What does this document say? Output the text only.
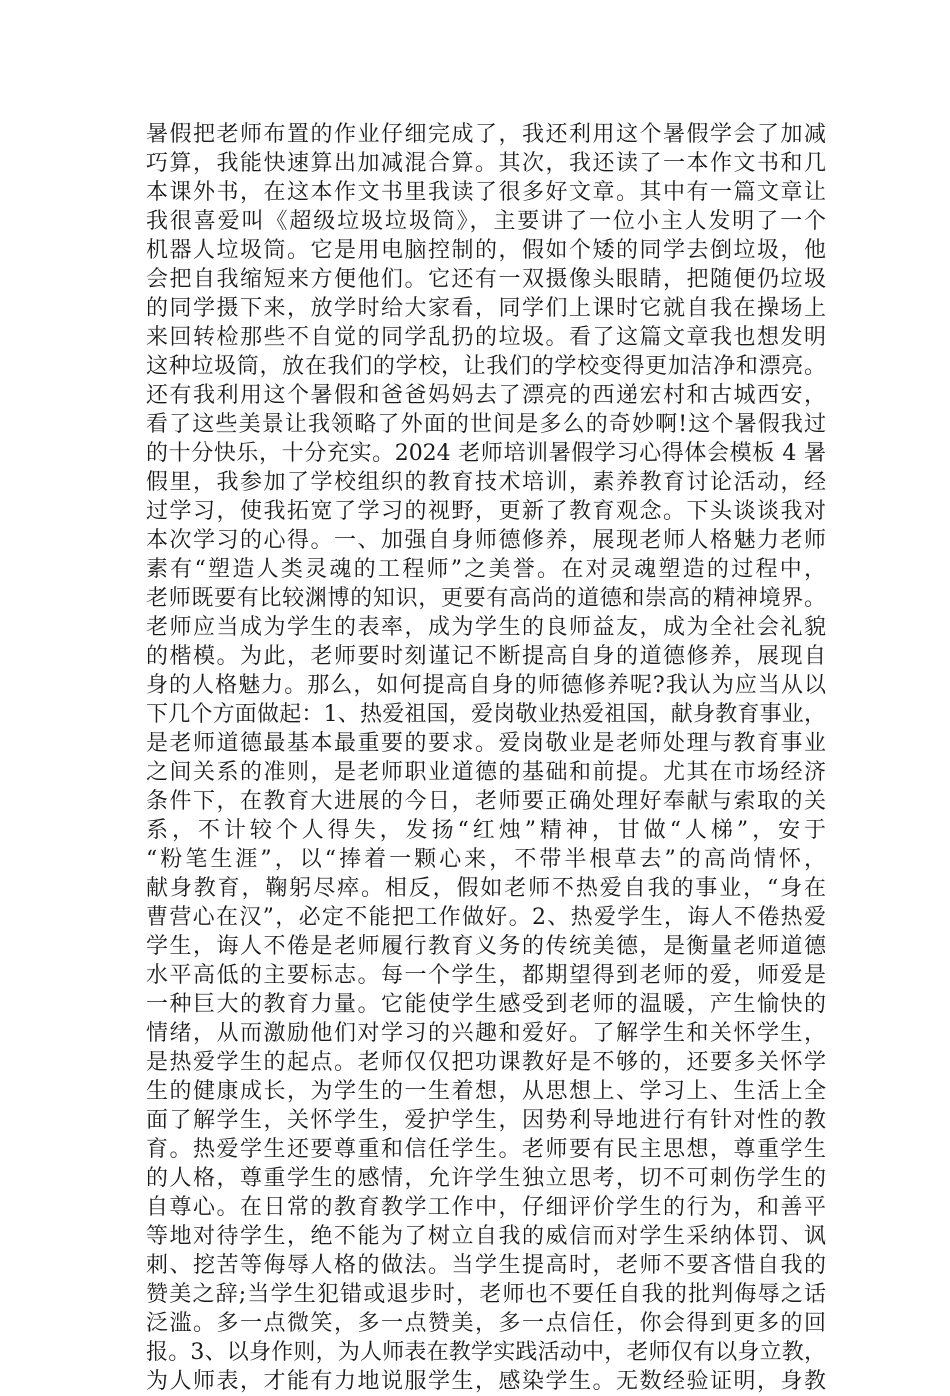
暑假把老师布置的作业仔细完成了，我还利用这个暑假学会了加减
巧算，我能快速算出加减混合算。其次，我还读了一本作文书和几
本课外书，在这本作文书里我读了很多好文章。其中有一篇文章让
我很喜爱叫《超级垃圾垃圾筒》，主要讲了一位小主人发明了一个
机器人垃圾筒。它是用电脑控制的，假如个矮的同学去倒垃圾，他
会把自我缩短来方便他们。它还有一双摄像头眼睛，把随便仍垃圾
的同学摄下来，放学时给大家看，同学们上课时它就自我在操场上
来回转检那些不自觉的同学乱扔的垃圾。看了这篇文章我也想发明
这种垃圾筒，放在我们的学校，让我们的学校变得更加洁净和漂亮。
还有我利用这个暑假和爸爸妈妈去了漂亮的西递宏村和古城西安，
看了这些美景让我领略了外面的世间是多么的奇妙啊!这个暑假我过
的十分快乐，十分充实。2024 老师培训暑假学习心得体会模板 4 暑
假里，我参加了学校组织的教育技术培训，素养教育讨论活动，经
过学习，使我拓宽了学习的视野，更新了教育观念。下头谈谈我对
本次学习的心得。一、加强自身师德修养，展现老师人格魅力老师
素有“塑造人类灵魂的工程师”之美誉。在对灵魂塑造的过程中，
老师既要有比较渊博的知识，更要有高尚的道德和崇高的精神境界。
老师应当成为学生的表率，成为学生的良师益友，成为全社会礼貌
的楷模。为此，老师要时刻谨记不断提高自身的道德修养，展现自
身的人格魅力。那么，如何提高自身的师德修养呢?我认为应当从以
下几个方面做起：1、热爱祖国，爱岗敬业热爱祖国，献身教育事业，
是老师道德最基本最重要的要求。爱岗敬业是老师处理与教育事业
之间关系的准则，是老师职业道德的基础和前提。尤其在市场经济
条件下，在教育大进展的今日，老师要正确处理好奉献与索取的关
系，不计较个人得失，发扬“红烛”精神，甘做“人梯”，安于
“粉笔生涯”，以“捧着一颗心来，不带半根草去”的高尚情怀，
献身教育，鞠躬尽瘁。相反，假如老师不热爱自我的事业，“身在
曹营心在汉”，必定不能把工作做好。2、热爱学生，诲人不倦热爱
学生，诲人不倦是老师履行教育义务的传统美德，是衡量老师道德
水平高低的主要标志。每一个学生，都期望得到老师的爱，师爱是
一种巨大的教育力量。它能使学生感受到老师的温暖，产生愉快的
情绪，从而激励他们对学习的兴趣和爱好。了解学生和关怀学生，
是热爱学生的起点。老师仅仅把功课教好是不够的，还要多关怀学
生的健康成长，为学生的一生着想，从思想上、学习上、生活上全
面了解学生，关怀学生，爱护学生，因势利导地进行有针对性的教
育。热爱学生还要尊重和信任学生。老师要有民主思想，尊重学生
的人格，尊重学生的感情，允许学生独立思考，切不可刺伤学生的
自尊心。在日常的教育教学工作中，仔细评价学生的行为，和善平
等地对待学生，绝不能为了树立自我的威信而对学生采纳体罚、讽
刺、挖苦等侮辱人格的做法。当学生提高时，老师不要吝惜自我的
赞美之辞;当学生犯错或退步时，老师也不要任自我的批判侮辱之话
泛滥。多一点微笑，多一点赞美，多一点信任，你会得到更多的回
报。3、以身作则，为人师表在教学实践活动中，老师仅有以身立教，
为人师表，才能有力地说服学生，感染学生。无数经验证明，身教
